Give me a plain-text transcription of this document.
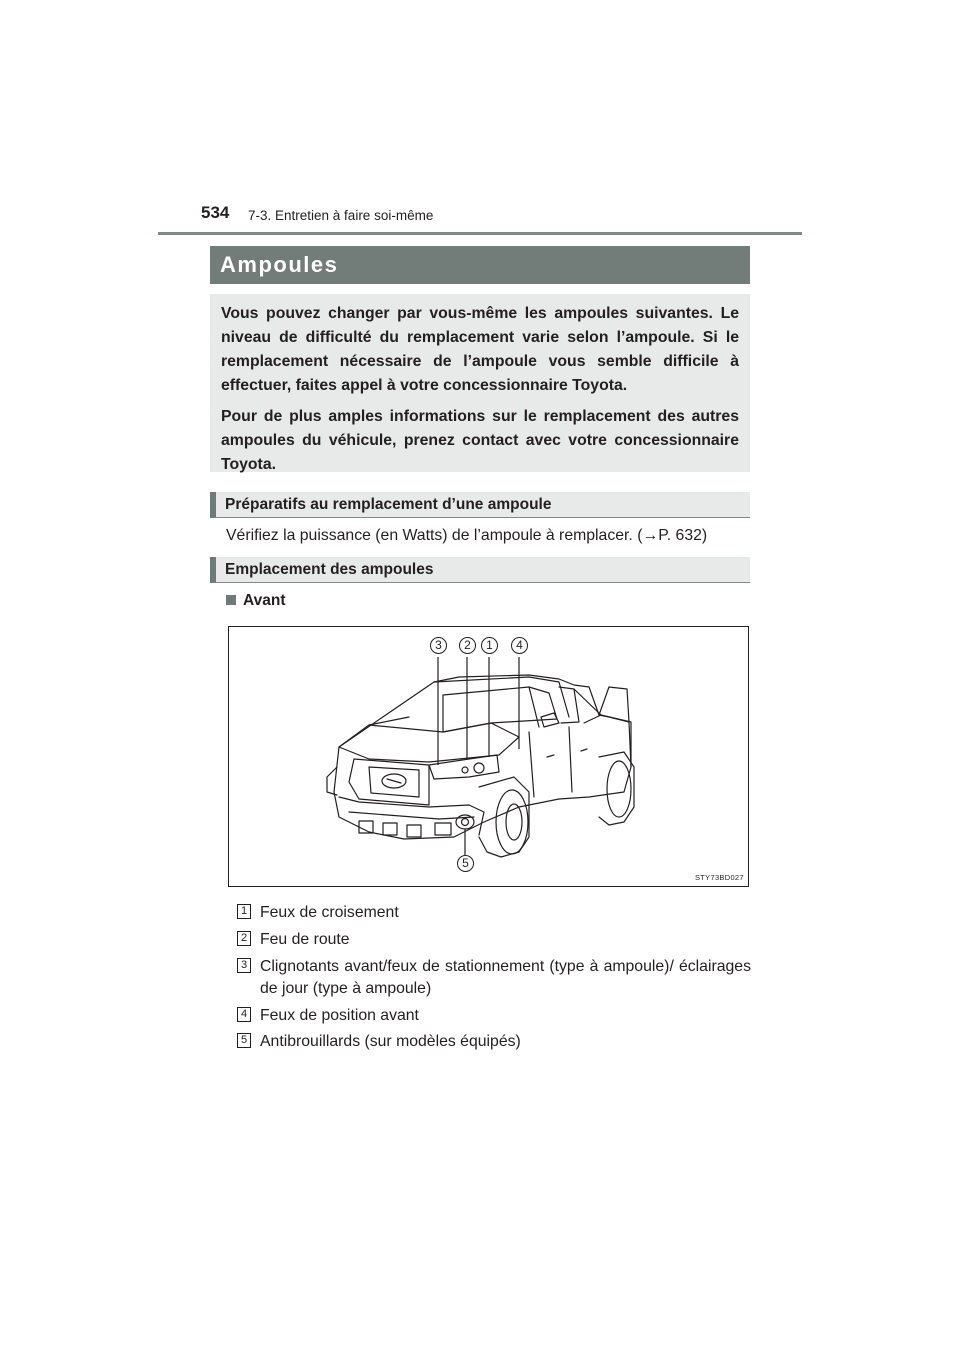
534 7-3. Entretien à faire soi-même
Ampoules

Vous pouvez changer par vous-même les ampoules suivantes. Le niveau de difficulté du remplacement varie selon l’ampoule. Si le remplacement nécessaire de l’ampoule vous semble difficile à effectuer, faites appel à votre concessionnaire Toyota.

Pour de plus amples informations sur le remplacement des autres ampoules du véhicule, prenez contact avec votre concessionnaire Toyota.

Préparatifs au remplacement d’une ampoule
Vérifiez la puissance (en Watts) de l’ampoule à remplacer. (→P. 632)
Emplacement des ampoules
Avant
3	2	1	4
5
STY73BD027
1 Feux de croisement
2 Feu de route
3 Clignotants avant/feux de stationnement (type à ampoule)/ éclairages de jour (type à ampoule)
4 Feux de position avant
5 Antibrouillards (sur modèles équipés)
